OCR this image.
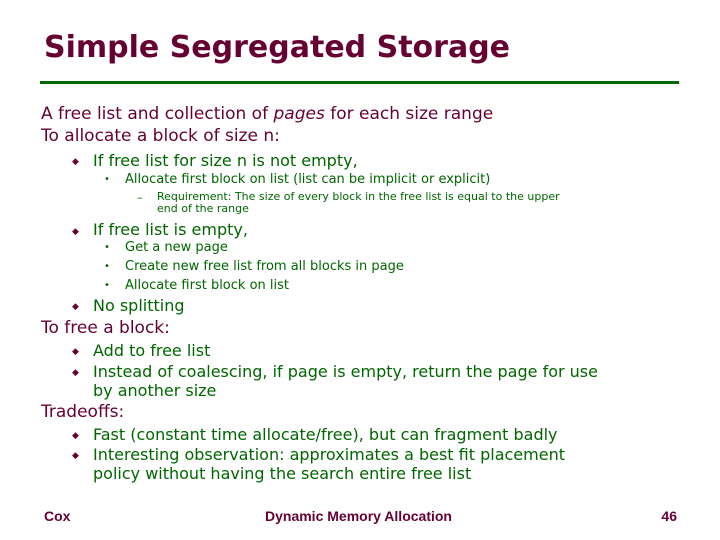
Simple Segregated Storage
A free list and collection of pages for each size range
To allocate a block of size n:
◆ If free list for size n is not empty,
• Allocate first block on list (list can be implicit or explicit)
– Requirement: The size of every block in the free list is equal to the upper
end of the range
◆ If free list is empty,
• Get a new page
• Create new free list from all blocks in page
• Allocate first block on list
◆ No splitting
To free a block:
◆ Add to free list
◆ Instead of coalescing, if page is empty, return the page for use
by another size
Tradeoffs:
◆ Fast (constant time allocate/free), but can fragment badly
◆ Interesting observation: approximates a best fit placement
policy without having the search entire free list
Cox	Dynamic Memory Allocation	46
